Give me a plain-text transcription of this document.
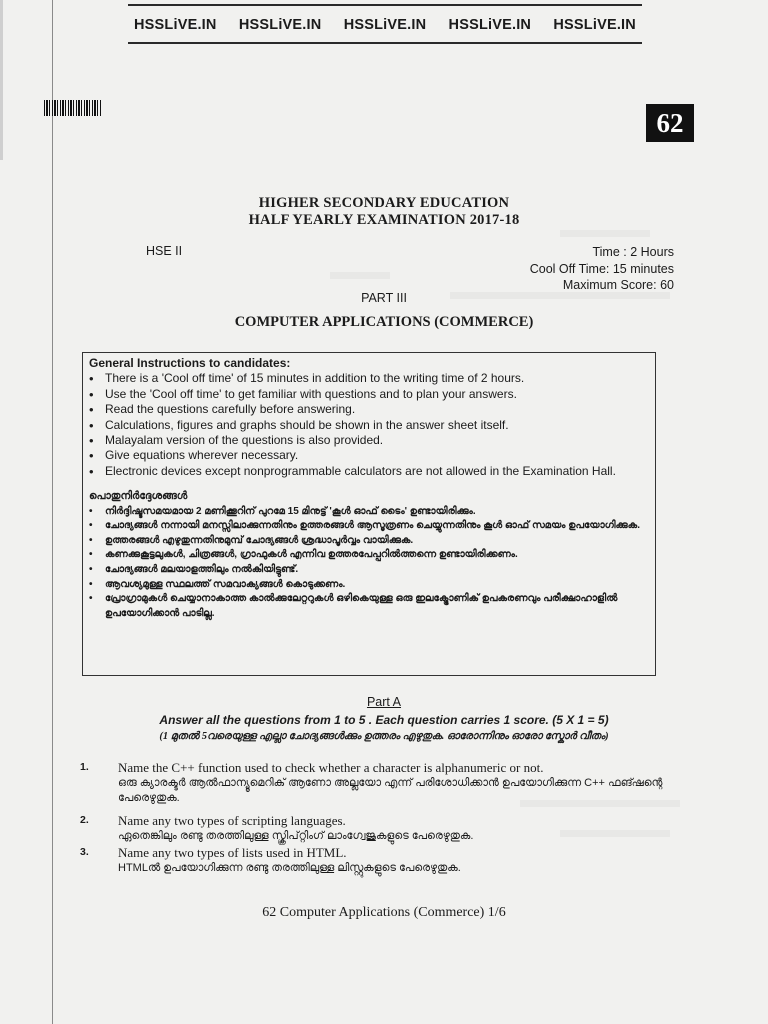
HSSLiVE.IN	HSSLiVE.IN	HSSLiVE.IN	HSSLiVE.IN	HSSLiVE.IN
62
HIGHER SECONDARY EDUCATION
HALF YEARLY EXAMINATION 2017-18
HSE II	Time : 2 Hours
Cool Off Time: 15 minutes
Maximum Score: 60
PART III
COMPUTER APPLICATIONS (COMMERCE)
General Instructions to candidates:
• There is a 'Cool off time' of 15 minutes in addition to the writing time of 2 hours.
• Use the 'Cool off time' to get familiar with questions and to plan your answers.
• Read the questions carefully before answering.
• Calculations, figures and graphs should be shown in the answer sheet itself.
• Malayalam version of the questions is also provided.
• Give equations wherever necessary.
• Electronic devices except nonprogrammable calculators are not allowed in the Examination Hall.
പൊതുനിർദ്ദേശങ്ങൾ
• നിർദ്ദിഷ്ടസമയമായ 2 മണിക്കൂറിന് പുറമേ 15 മിനുട്ട് 'കൂൾ ഓഫ് ടൈം' ഉണ്ടായിരിക്കും.
• ചോദ്യങ്ങൾ നന്നായി മനസ്സിലാക്കുന്നതിനും ഉത്തരങ്ങൾ ആസൂത്രണം ചെയ്യുന്നതിനും കൂൾ ഓഫ് സമയം ഉപയോഗിക്കുക.
• ഉത്തരങ്ങൾ എഴുതുന്നതിനുമുമ്പ് ചോദ്യങ്ങൾ ശ്രദ്ധാപൂർവ്വം വായിക്കുക.
• കണക്കുകൂട്ടലുകൾ, ചിത്രങ്ങൾ, ഗ്രാഫുകൾ എന്നിവ ഉത്തരപേപ്പറിൽത്തന്നെ ഉണ്ടായിരിക്കണം.
• ചോദ്യങ്ങൾ മലയാളത്തിലും നൽകിയിട്ടുണ്ട്.
• ആവശ്യമുള്ള സ്ഥലത്ത് സമവാക്യങ്ങൾ കൊടുക്കണം.
• പ്രോഗ്രാമുകൾ ചെയ്യാനാകാത്ത കാൽക്കുലേറ്ററുകൾ ഒഴികെയുള്ള ഒരു ഇലക്ട്രോണിക് ഉപകരണവും പരീക്ഷാഹാളിൽ ഉപയോഗിക്കാൻ പാടില്ല.
Part A
Answer all the questions from 1 to 5 . Each question carries 1 score. (5 X 1 = 5)
(1 മുതൽ 5വരെയുള്ള എല്ലാ ചോദ്യങ്ങൾക്കും ഉത്തരം എഴുതുക. ഓരോന്നിനും ഓരോ സ്കോർ വീതം)
1. Name the C++ function used to check whether a character is alphanumeric or not.
ഒരു ക്യാരക്ടർ ആൽഫാന്യൂമെറിക് ആണോ അല്ലയോ എന്ന് പരിശോധിക്കാൻ ഉപയോഗിക്കുന്ന C++ ഫങ്ഷന്റെ പേരെഴുതുക.
2. Name any two types of scripting languages.
ഏതെങ്കിലും രണ്ടു തരത്തിലുള്ള സ്ക്രിപ്റ്റിംഗ് ലാംഗ്വേജുകളുടെ പേരെഴുതുക.
3. Name any two types of lists used in HTML.
HTMLൽ ഉപയോഗിക്കുന്ന രണ്ടു തരത്തിലുള്ള ലിസ്റ്റുകളുടെ പേരെഴുതുക.
62 Computer Applications (Commerce) 1/6
